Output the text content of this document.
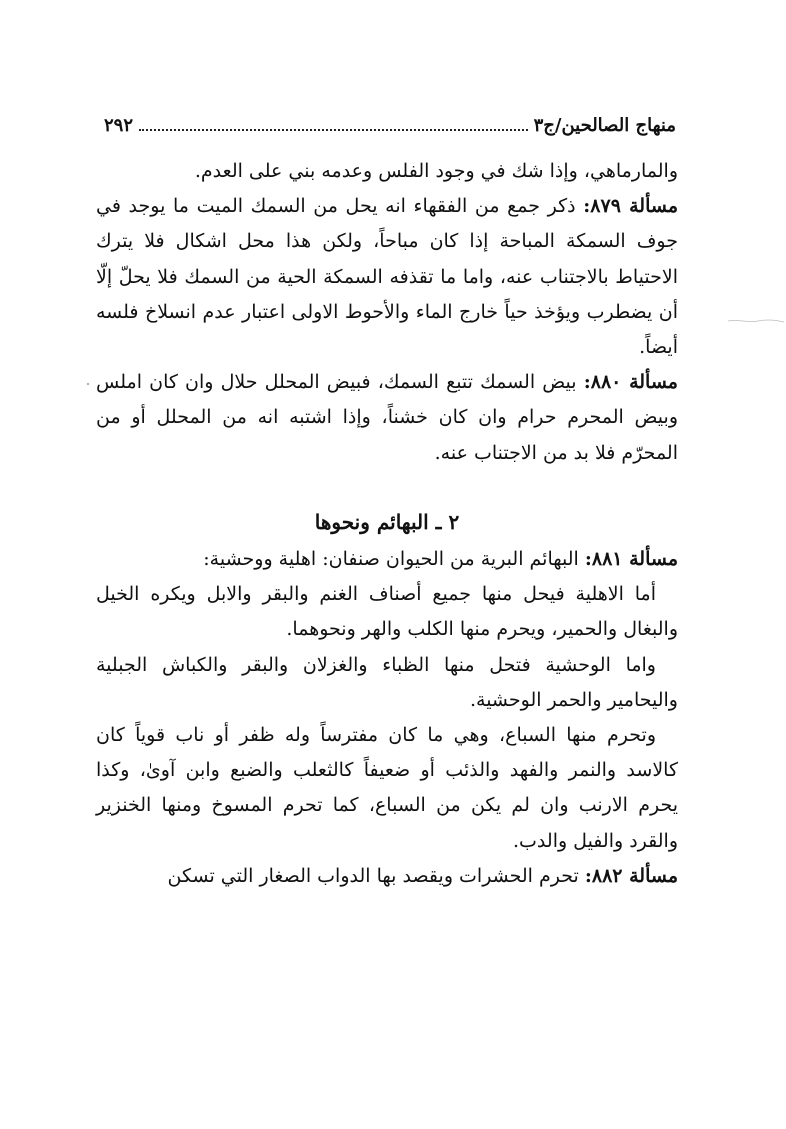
٢٩٢	منهاج الصالحين/ج٣

والمارماهي، وإذا شك في وجود الفلس وعدمه بني على العدم.

مسألة ٨٧٩: ذكر جمع من الفقهاء انه يحل من السمك الميت ما يوجد في جوف السمكة المباحة إذا كان مباحاً، ولكن هذا محل اشكال فلا يترك الاحتياط بالاجتناب عنه، واما ما تقذفه السمكة الحية من السمك فلا يحلّ إلّا أن يضطرب ويؤخذ حياً خارج الماء والأحوط الاولى اعتبار عدم انسلاخ فلسه أيضاً.

مسألة ٨٨٠: بيض السمك تتبع السمك، فبيض المحلل حلال وان كان املس وبيض المحرم حرام وان كان خشناً، وإذا اشتبه انه من المحلل أو من المحرّم فلا بد من الاجتناب عنه.

٢ ـ البهائم ونحوها

مسألة ٨٨١: البهائم البرية من الحيوان صنفان: اهلية ووحشية:

أما الاهلية فيحل منها جميع أصناف الغنم والبقر والابل ويكره الخيل والبغال والحمير، ويحرم منها الكلب والهر ونحوهما.

واما الوحشية فتحل منها الظباء والغزلان والبقر والكباش الجبلية واليحامير والحمر الوحشية.

وتحرم منها السباع، وهي ما كان مفترساً وله ظفر أو ناب قوياً كان كالاسد والنمر والفهد والذئب أو ضعيفاً كالثعلب والضبع وابن آوىٰ، وكذا يحرم الارنب وان لم يكن من السباع، كما تحرم المسوخ ومنها الخنزير والقرد والفيل والدب.

مسألة ٨٨٢: تحرم الحشرات ويقصد بها الدواب الصغار التي تسكن
